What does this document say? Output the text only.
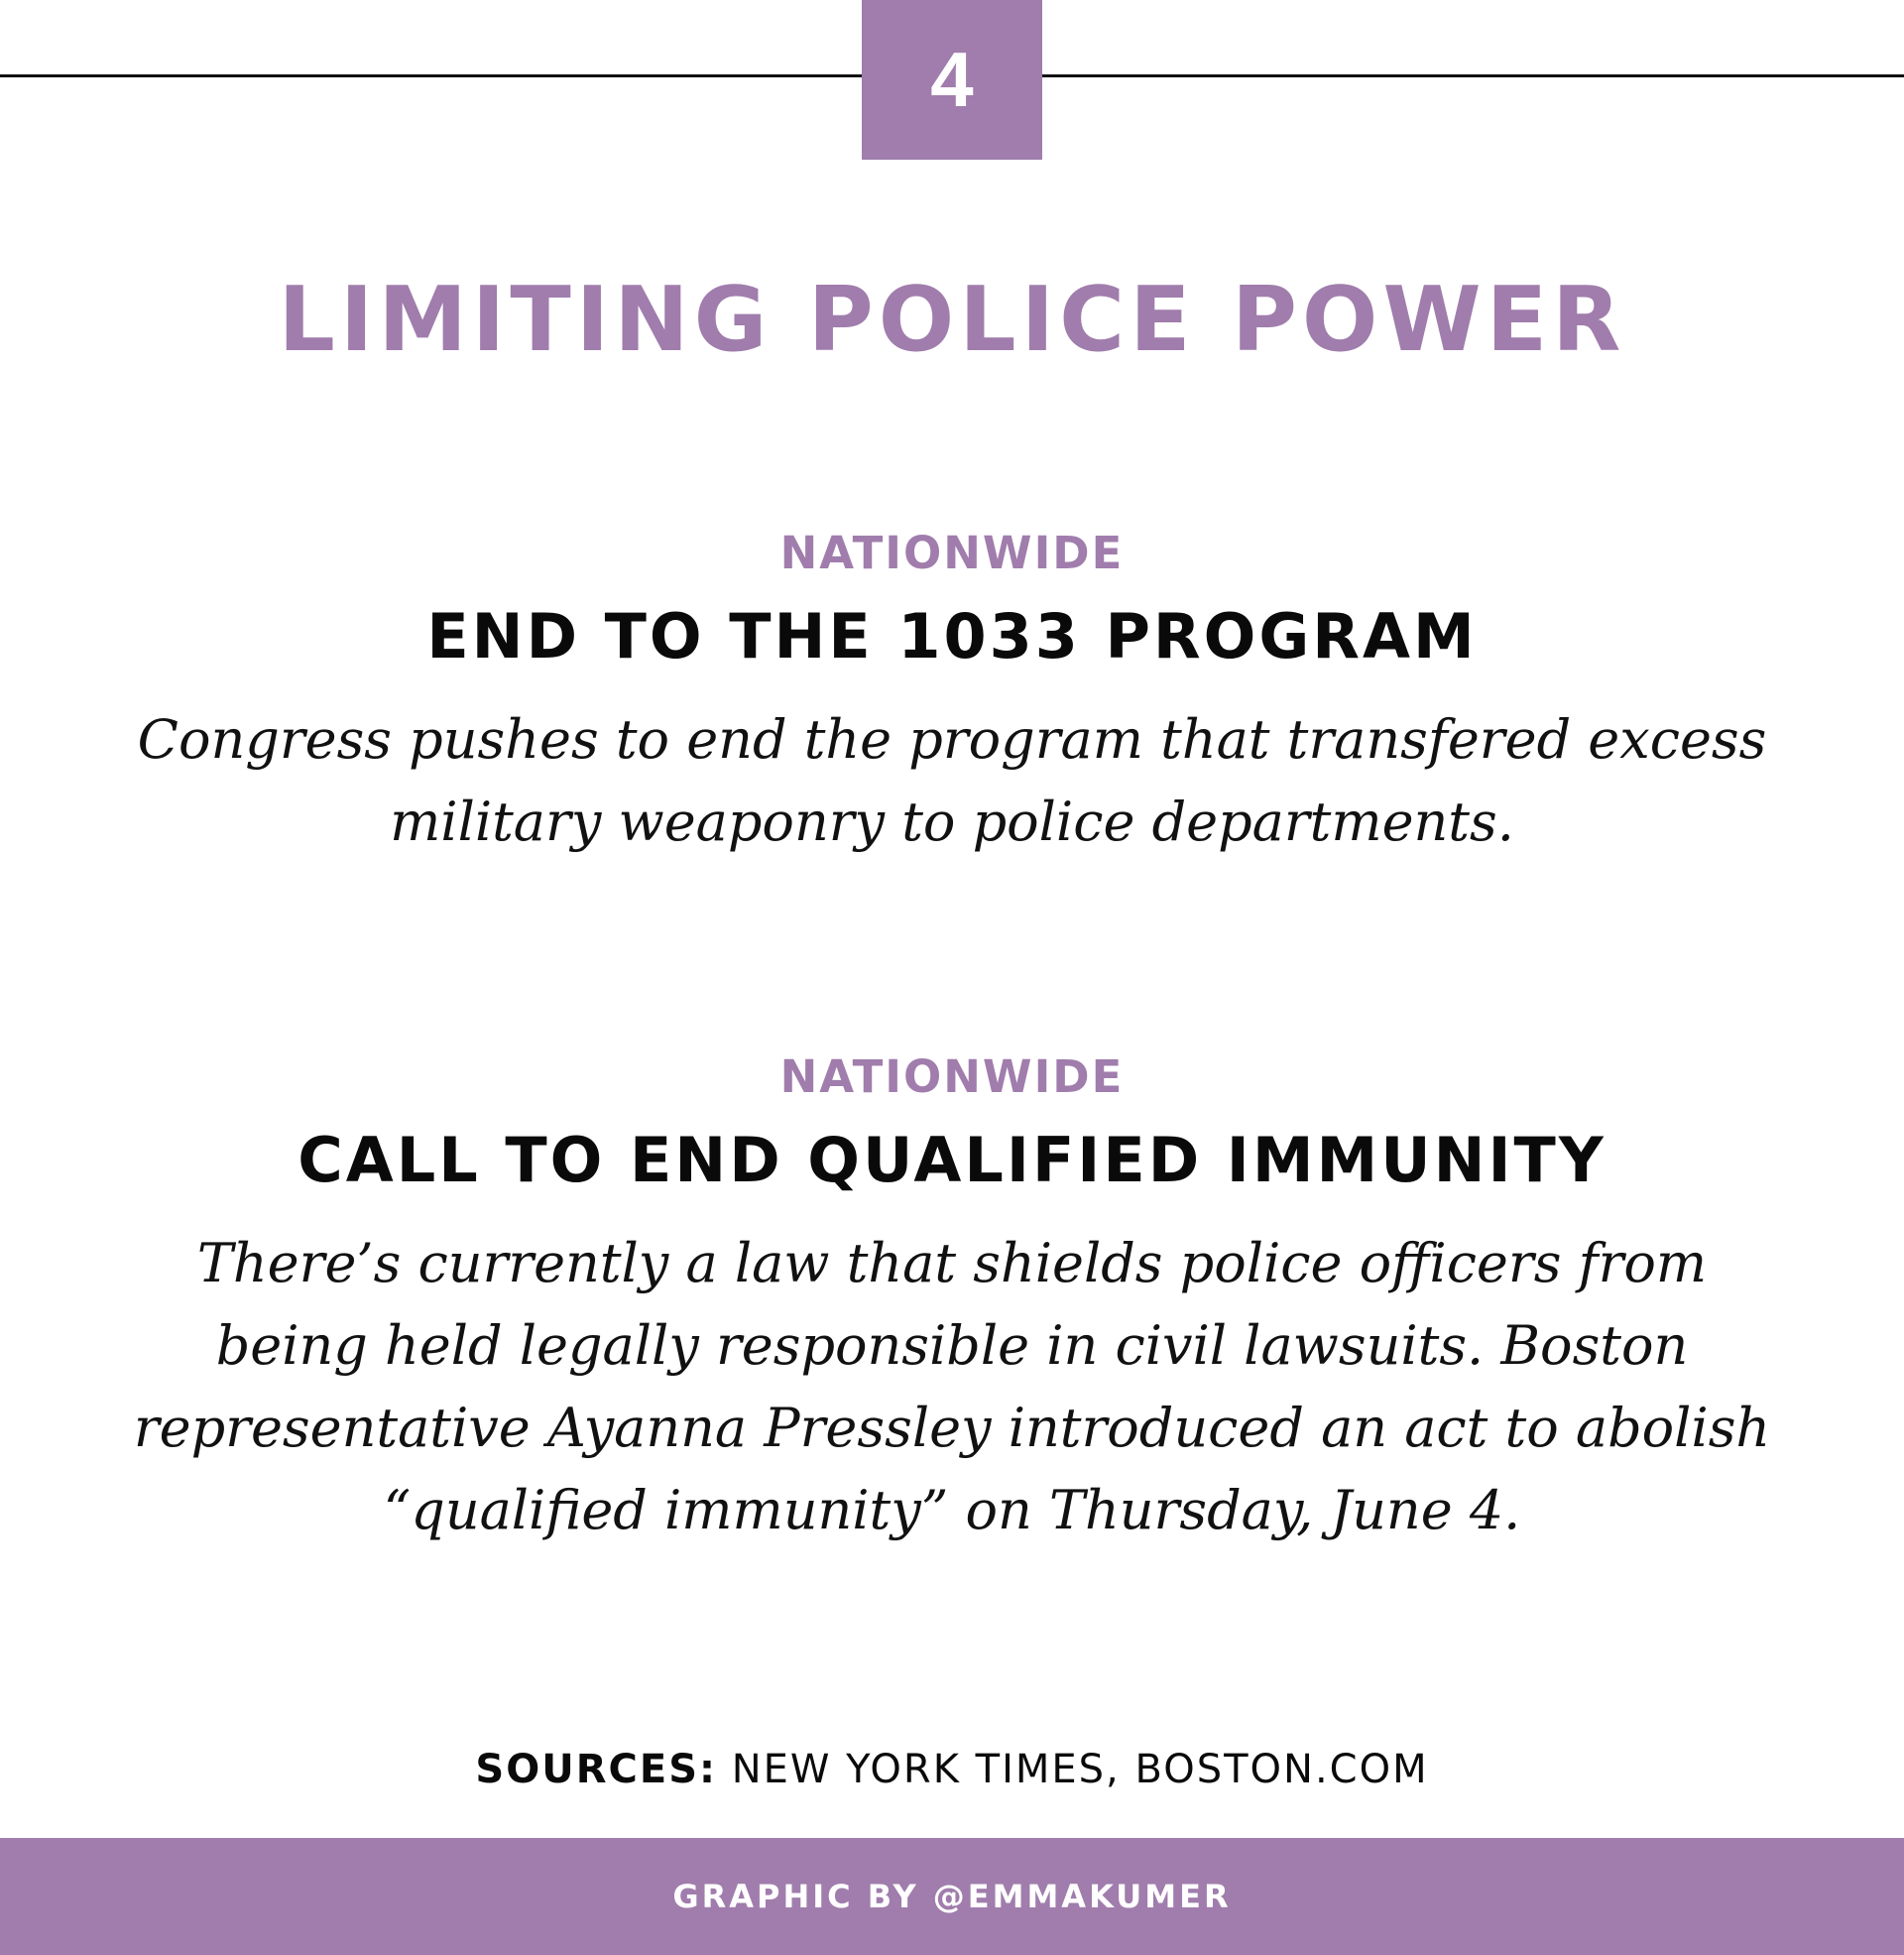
4
LIMITING POLICE POWER
NATIONWIDE
END TO THE 1033 PROGRAM
Congress pushes to end the program that transfered excess
military weaponry to police departments.
NATIONWIDE
CALL TO END QUALIFIED IMMUNITY
There’s currently a law that shields police officers from
being held legally responsible in civil lawsuits. Boston
representative Ayanna Pressley introduced an act to abolish
“qualified immunity” on Thursday, June 4.
SOURCES: NEW YORK TIMES, BOSTON.COM
GRAPHIC BY @EMMAKUMER
